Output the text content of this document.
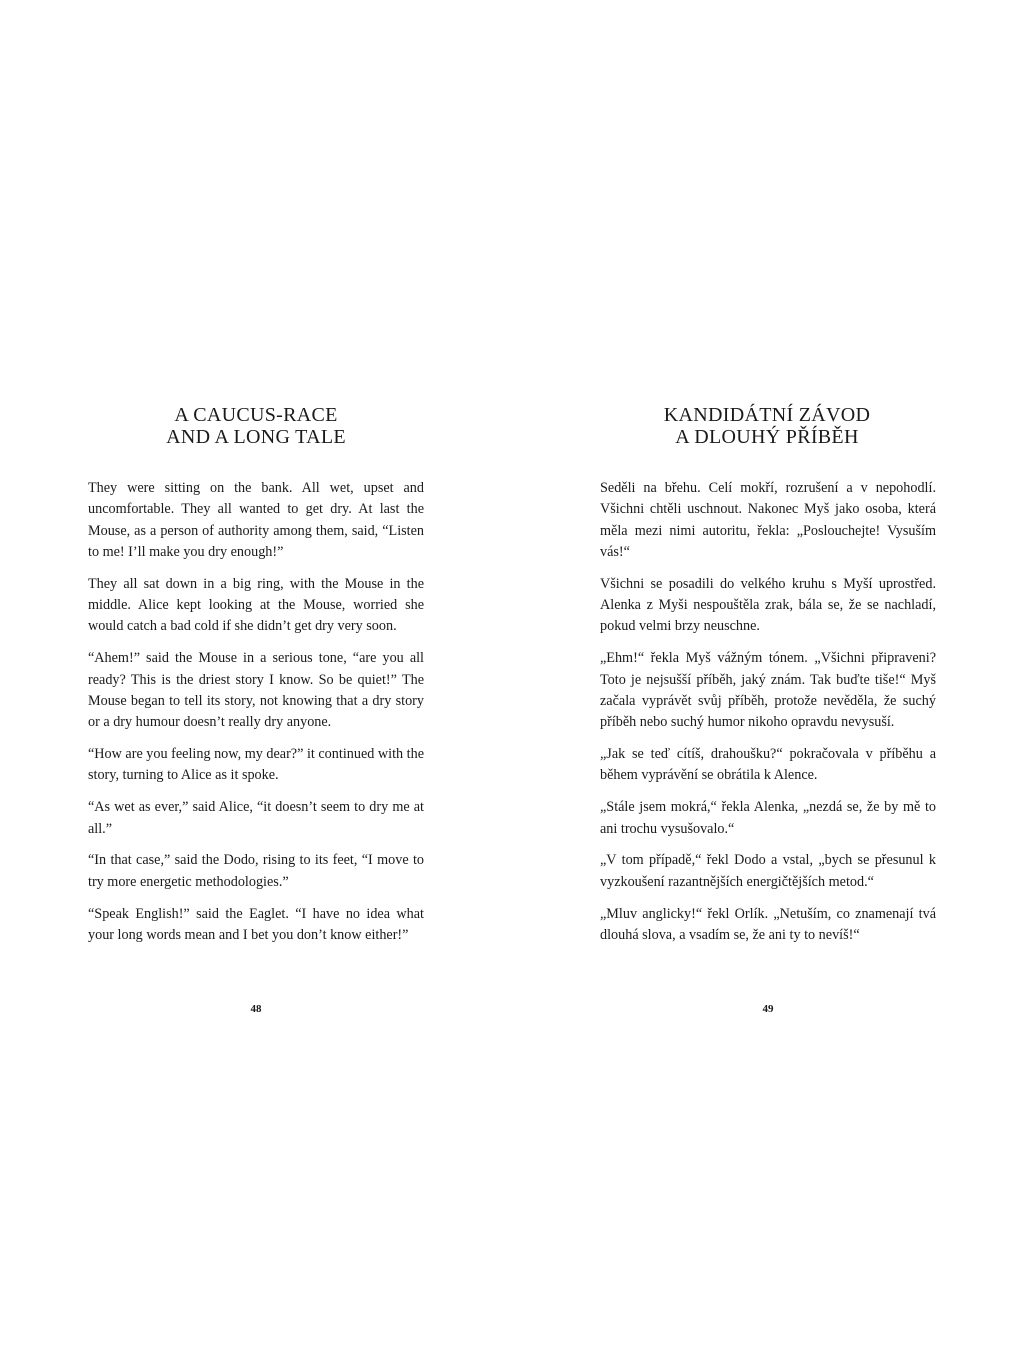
A CAUCUS-RACE
AND A LONG TALE

They were sitting on the bank. All wet, upset and uncomfortable. They all wanted to get dry. At last the Mouse, as a person of authority among them, said, “Listen to me! I’ll make you dry enough!”

They all sat down in a big ring, with the Mouse in the middle. Alice kept looking at the Mouse, worried she would catch a bad cold if she didn’t get dry very soon.

“Ahem!” said the Mouse in a serious tone, “are you all ready? This is the driest story I know. So be quiet!” The Mouse began to tell its story, not knowing that a dry story or a dry humour doesn’t really dry anyone.

“How are you feeling now, my dear?” it continued with the story, turning to Alice as it spoke.

“As wet as ever,” said Alice, “it doesn’t seem to dry me at all.”

“In that case,” said the Dodo, rising to its feet, “I move to try more energetic methodologies.”

“Speak English!” said the Eaglet. “I have no idea what your long words mean and I bet you don’t know either!”

48
KANDIDÁTNÍ ZÁVOD
A DLOUHÝ PŘÍBĚH

Seděli na břehu. Celí mokří, rozrušení a v nepohodlí. Všichni chtěli uschnout. Nakonec Myš jako osoba, která měla mezi nimi autoritu, řekla: „Poslouchejte! Vysuším vás!“

Všichni se posadili do velkého kruhu s Myší uprostřed. Alenka z Myši nespouštěla zrak, bála se, že se nachladí, pokud velmi brzy neuschne.

„Ehm!“ řekla Myš vážným tónem. „Všichni připraveni? Toto je nejsušší příběh, jaký znám. Tak buďte tiše!“ Myš začala vyprávět svůj příběh, protože nevěděla, že suchý příběh nebo suchý humor nikoho opravdu nevysuší.

„Jak se teď cítíš, drahoušku?“ pokračovala v příběhu a během vyprávění se obrátila k Alence.

„Stále jsem mokrá,“ řekla Alenka, „nezdá se, že by mě to ani trochu vysušovalo.“

„V tom případě,“ řekl Dodo a vstal, „bych se přesunul k vyzkoušení razantnějších energičtějších metod.“

„Mluv anglicky!“ řekl Orlík. „Netuším, co znamenají tvá dlouhá slova, a vsadím se, že ani ty to nevíš!“

49
